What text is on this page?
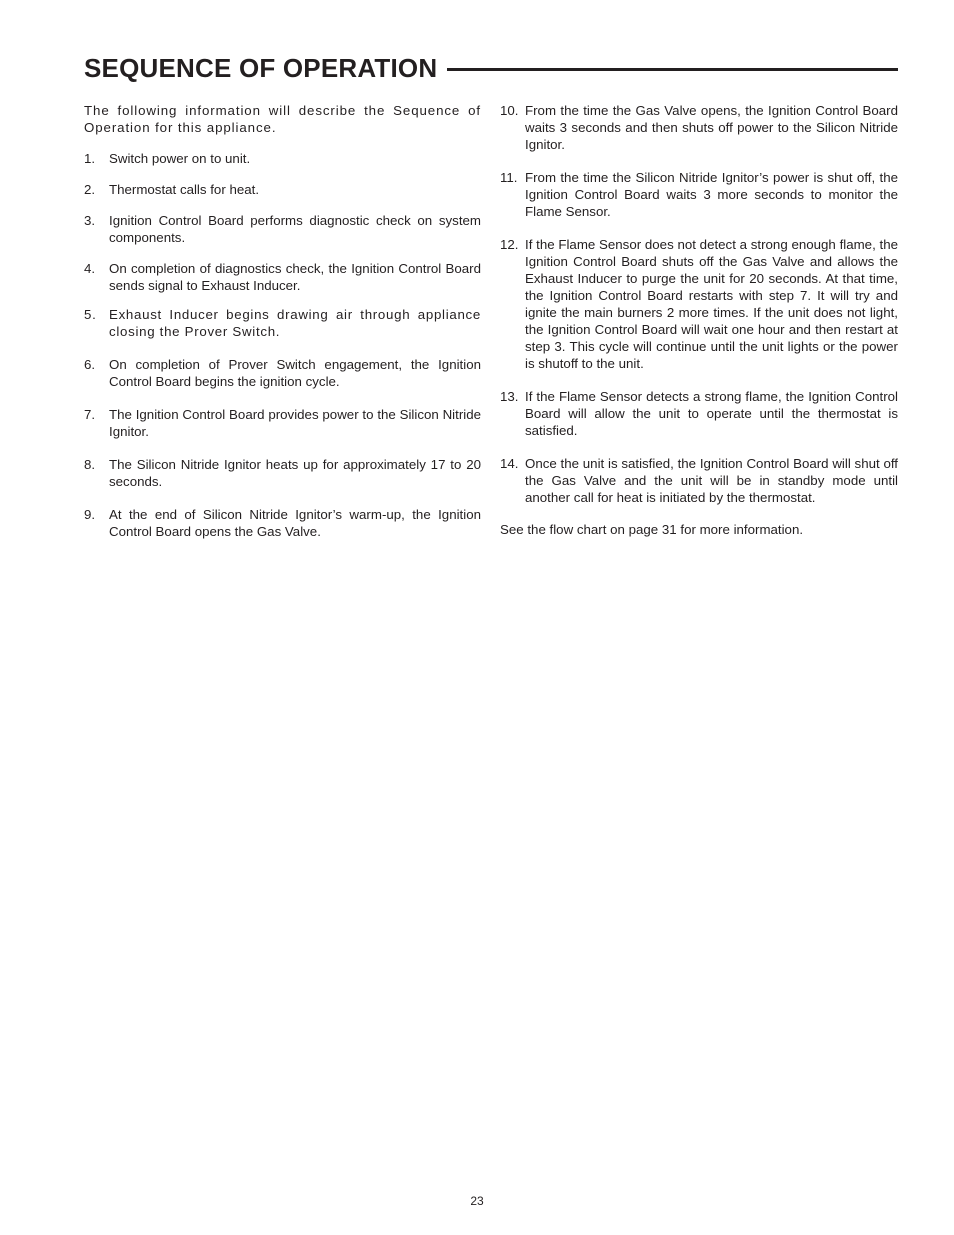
SEQUENCE OF OPERATION

The following information will describe the Sequence of Operation for this appliance.

1.	Switch power on to unit.
2.	Thermostat calls for heat.
3.	Ignition Control Board performs diagnostic check on system components.
4.	On completion of diagnostics check, the Ignition Control Board sends signal to Exhaust Inducer.
5. Exhaust Inducer begins drawing air through appliance closing the Prover Switch.
6.	On completion of Prover Switch engagement, the Ignition Control Board begins the ignition cycle.
7.	The Ignition Control Board provides power to the Silicon Nitride Ignitor.
8.	The Silicon Nitride Ignitor heats up for approximately 17 to 20 seconds.
9.	At the end of Silicon Nitride Ignitor’s warm-up, the Ignition Control Board opens the Gas Valve.
10. From the time the Gas Valve opens, the Ignition Control Board waits 3 seconds and then shuts off power to the Silicon Nitride Ignitor.
11. From the time the Silicon Nitride Ignitor’s power is shut off, the Ignition Control Board waits 3 more seconds to monitor the Flame Sensor.
12. If the Flame Sensor does not detect a strong enough flame, the Ignition Control Board shuts off the Gas Valve and allows the Exhaust Inducer to purge the unit for 20 seconds. At that time, the Ignition Control Board restarts with step 7. It will try and ignite the main burners 2 more times. If the unit does not light, the Ignition Control Board will wait one hour and then restart at step 3. This cycle will continue until the unit lights or the power is shutoff to the unit.
13. If the Flame Sensor detects a strong flame, the Ignition Control Board will allow the unit to operate until the thermostat is satisfied.
14. Once the unit is satisfied, the Ignition Control Board will shut off the Gas Valve and the unit will be in standby mode until another call for heat is initiated by the thermostat.

See the flow chart on page 31 for more information.

23
